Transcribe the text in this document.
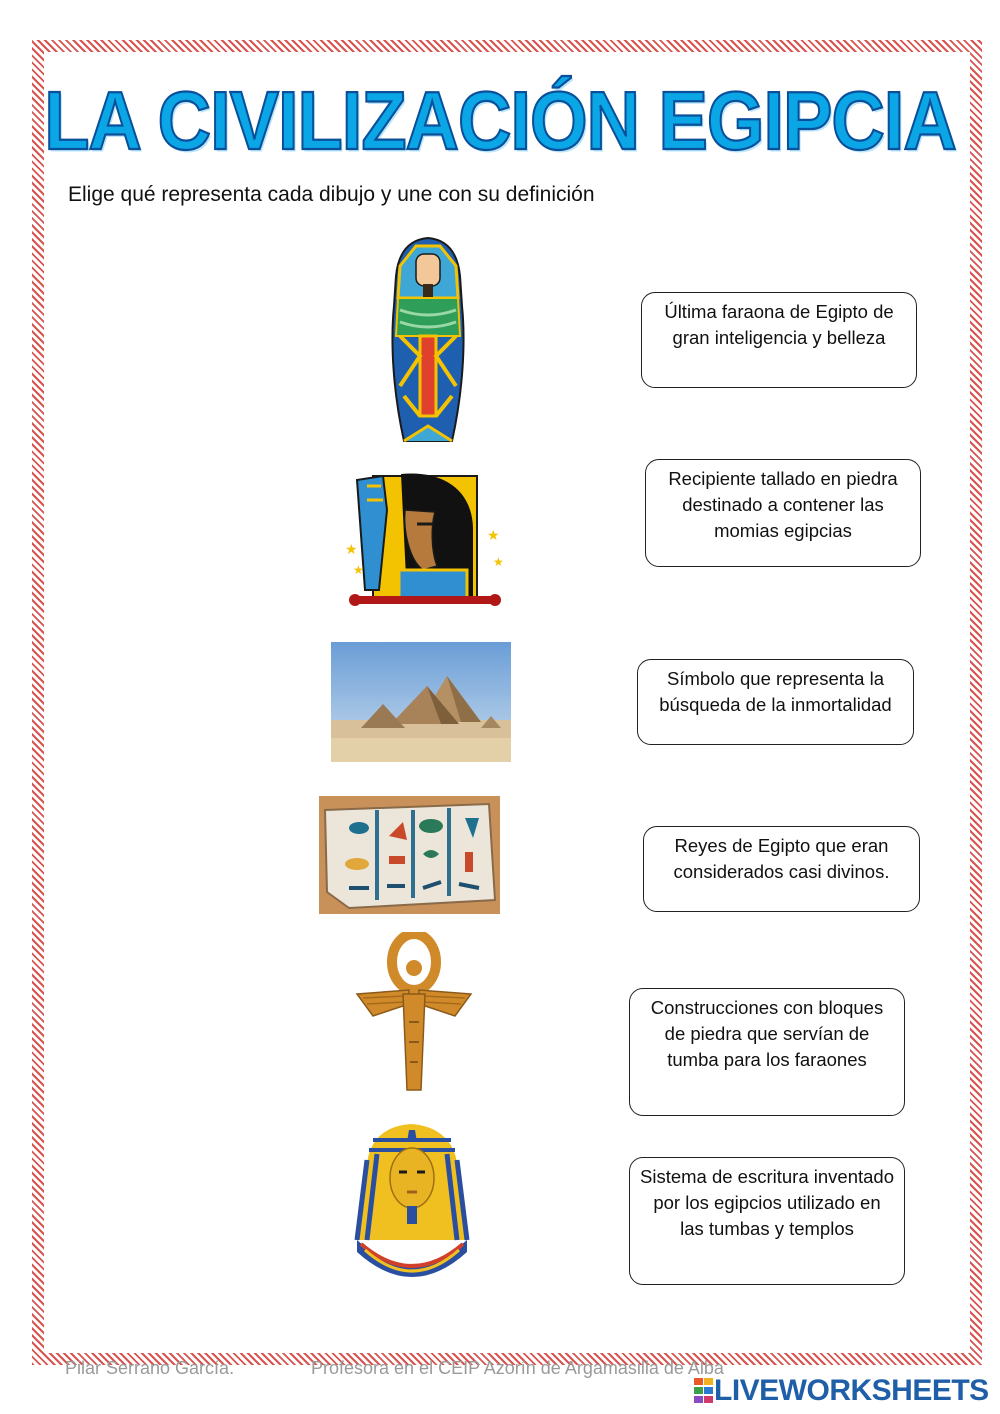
LA CIVILIZACIÓN EGIPCIA
Elige qué representa cada dibujo y une con su definición
★
★
★
★
Última faraona de Egipto de gran inteligencia y belleza
Recipiente tallado en piedra destinado a contener las momias egipcias
Símbolo que representa la búsqueda de la inmortalidad
Reyes de Egipto que eran considerados casi divinos.
Construcciones con bloques de piedra que servían de tumba para los faraones
Sistema de escritura inventado por los egipcios utilizado en las tumbas y templos
Pilar Serrano García.	Profesora en el CEIP Azorín de Argamasilla de Alba
LIVEWORKSHEETS
